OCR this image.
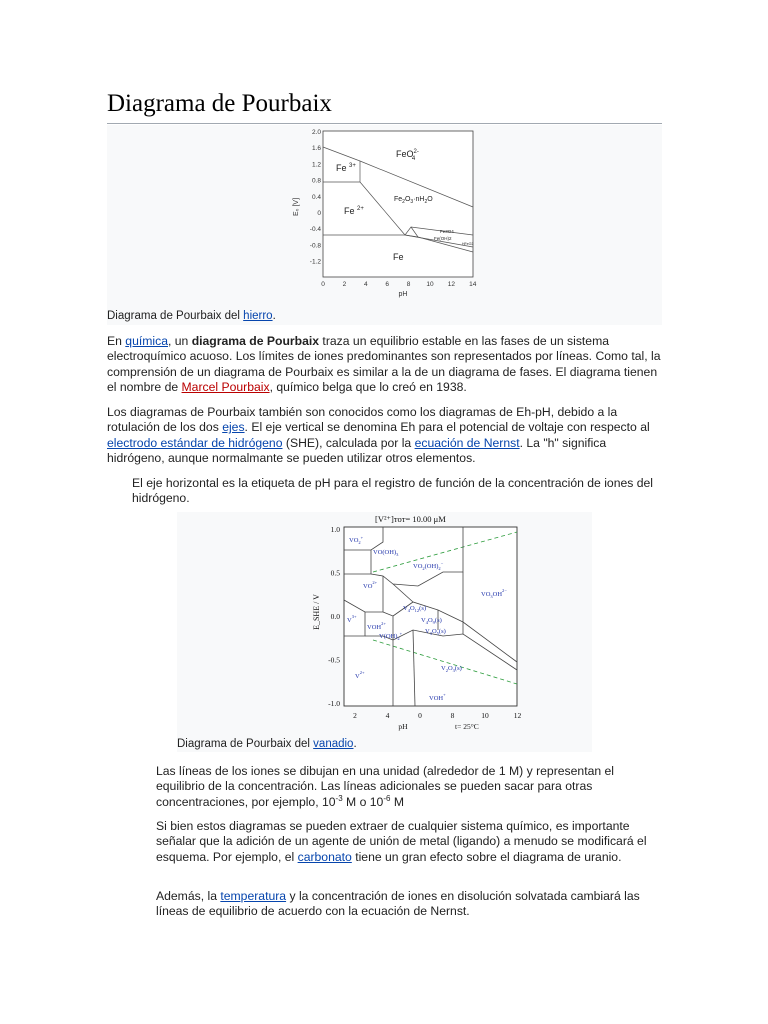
Diagrama de Pourbaix
2.0
1.6
1.2
0.8
0.4
0
-0.4
-0.8
-1.2
0	2	4	6	8 10 12 14
E₀ [V]
pH
FeO$^{2-}$4
Fe $^{3+}$
Fe $^{2+}$
$Fe_2O_3\cdot nH_2O$
Fe3O4
Fe(OH)2
HFeO2
Fe
Diagrama de Pourbaix del hierro.

En química, un diagrama de Pourbaix traza un equilibrio estable en las fases de un sistema electroquímico acuoso. Los límites de iones predominantes son representados por líneas. Como tal, la comprensión de un diagrama de Pourbaix es similar a la de un diagrama de fases. El diagrama tienen el nombre de Marcel Pourbaix, químico belga que lo creó en 1938.

Los diagramas de Pourbaix también son conocidos como los diagramas de Eh-pH, debido a la rotulación de los dos ejes. El eje vertical se denomina Eh para el potencial de voltaje con respecto al electrodo estándar de hidrógeno (SHE), calculada por la ecuación de Nernst. La "h" significa hidrógeno, aunque normalmante se pueden utilizar otros elementos.

El eje horizontal es la etiqueta de pH para el registro de función de la concentración de iones del hidrógeno.

[V²⁺]ᴛᴏᴛ= 10.00 μM
1.0
0.5
0.0
-0.5
-1.0
2	4	0	8	10	12
E_SHE / V
pH	t= 25°C
$VO_2^+$
$VO(OH)_3$
$VO_2(OH)_2^-$
$VO^{2+}$
$VO_3OH^{2-}$
$V_4O_{12}(s)$
$V_4O_9(s)$
$V_3O_5(s)$
$V^{3+}$
$VOH^{2+}$
$V(OH)_2^+$
$V_2O_3(s)$
$V^{2+}$
VOH+
Diagrama de Pourbaix del vanadio.

Las líneas de los iones se dibujan en una unidad (alrededor de 1 M) y representan el equilibrio de la concentración. Las líneas adicionales se pueden sacar para otras concentraciones, por ejemplo, $10^{-3}$ M o $10^{-6}$ M

Si bien estos diagramas se pueden extraer de cualquier sistema químico, es importante señalar que la adición de un agente de unión de metal (ligando) a menudo se modificará el esquema. Por ejemplo, el carbonato tiene un gran efecto sobre el diagrama de uranio.

Además, la temperatura y la concentración de iones en disolución solvatada cambiará las líneas de equilibrio de acuerdo con la ecuación de Nernst.
